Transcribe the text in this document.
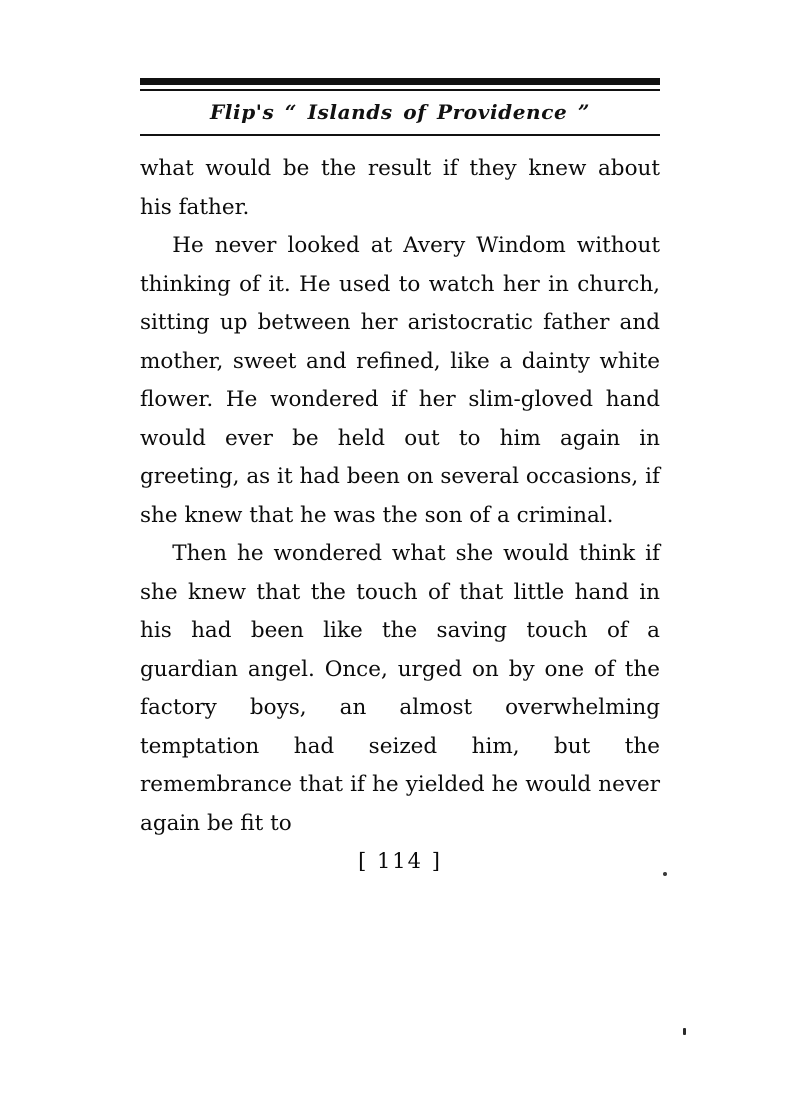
Flip's “ Islands of Providence ”

what would be the result if they knew about his father.

He never looked at Avery Windom without thinking of it. He used to watch her in church, sitting up between her aristocratic father and mother, sweet and refined, like a dainty white flower. He wondered if her slim-gloved hand would ever be held out to him again in greeting, as it had been on several occasions, if she knew that he was the son of a criminal.

Then he wondered what she would think if she knew that the touch of that little hand in his had been like the saving touch of a guardian angel. Once, urged on by one of the factory boys, an almost overwhelming temptation had seized him, but the remembrance that if he yielded he would never again be fit to

[ 114 ]
